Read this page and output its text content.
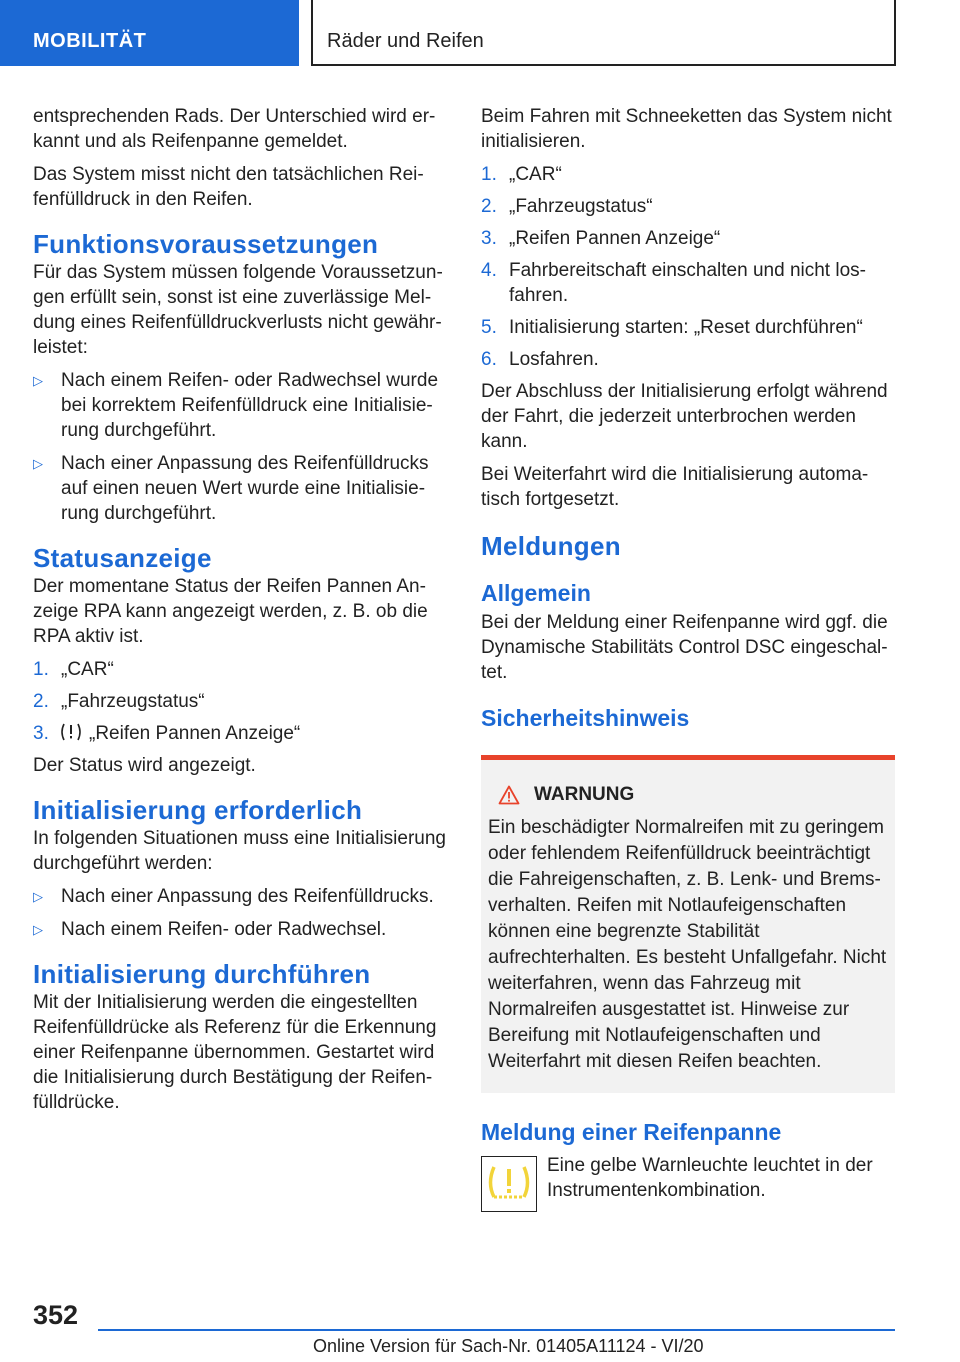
MOBILITÄT	Räder und Reifen

entsprechenden Rads. Der Unterschied wird erkannt und als Reifenpanne gemeldet.

Das System misst nicht den tatsächlichen Reifenfülldruck in den Reifen.

Funktionsvoraussetzungen

Für das System müssen folgende Voraussetzungen erfüllt sein, sonst ist eine zuverlässige Meldung eines Reifenfülldruckverlusts nicht gewährleistet:

▷ Nach einem Reifen- oder Radwechsel wurde bei korrektem Reifenfülldruck eine Initialisierung durchgeführt.
▷ Nach einer Anpassung des Reifenfülldrucks auf einen neuen Wert wurde eine Initialisierung durchgeführt.
Statusanzeige

Der momentane Status der Reifen Pannen Anzeige RPA kann angezeigt werden, z. B. ob die RPA aktiv ist.

1. „CAR“
2. „Fahrzeugstatus“
3. „Reifen Pannen Anzeige“

Der Status wird angezeigt.

Initialisierung erforderlich

In folgenden Situationen muss eine Initialisierung durchgeführt werden:

▷ Nach einer Anpassung des Reifenfülldrucks.
▷ Nach einem Reifen- oder Radwechsel.
Initialisierung durchführen

Mit der Initialisierung werden die eingestellten Reifenfülldrücke als Referenz für die Erkennung einer Reifenpanne übernommen. Gestartet wird die Initialisierung durch Bestätigung der Reifenfülldrücke.

Beim Fahren mit Schneeketten das System nicht initialisieren.

1. „CAR“
2. „Fahrzeugstatus“
3. „Reifen Pannen Anzeige“
4. Fahrbereitschaft einschalten und nicht losfahren.
5. Initialisierung starten: „Reset durchführen“
6. Losfahren.

Der Abschluss der Initialisierung erfolgt während der Fahrt, die jederzeit unterbrochen werden kann.

Bei Weiterfahrt wird die Initialisierung automatisch fortgesetzt.

Meldungen
Allgemein

Bei der Meldung einer Reifenpanne wird ggf. die Dynamische Stabilitäts Control DSC eingeschaltet.

Sicherheitshinweis
WARNUNG
Ein beschädigter Normalreifen mit zu geringem oder fehlendem Reifenfülldruck beeinträchtigt die Fahreigenschaften, z. B. Lenk- und Bremsverhalten. Reifen mit Notlaufeigenschaften können eine begrenzte Stabilität aufrechterhalten. Es besteht Unfallgefahr. Nicht weiterfahren, wenn das Fahrzeug mit Normalreifen ausgestattet ist. Hinweise zur Bereifung mit Notlaufeigenschaften und Weiterfahrt mit diesen Reifen beachten.
Meldung einer Reifenpanne
Eine gelbe Warnleuchte leuchtet in der Instrumentenkombination.
352
Online Version für Sach-Nr. 01405A11124 - VI/20
